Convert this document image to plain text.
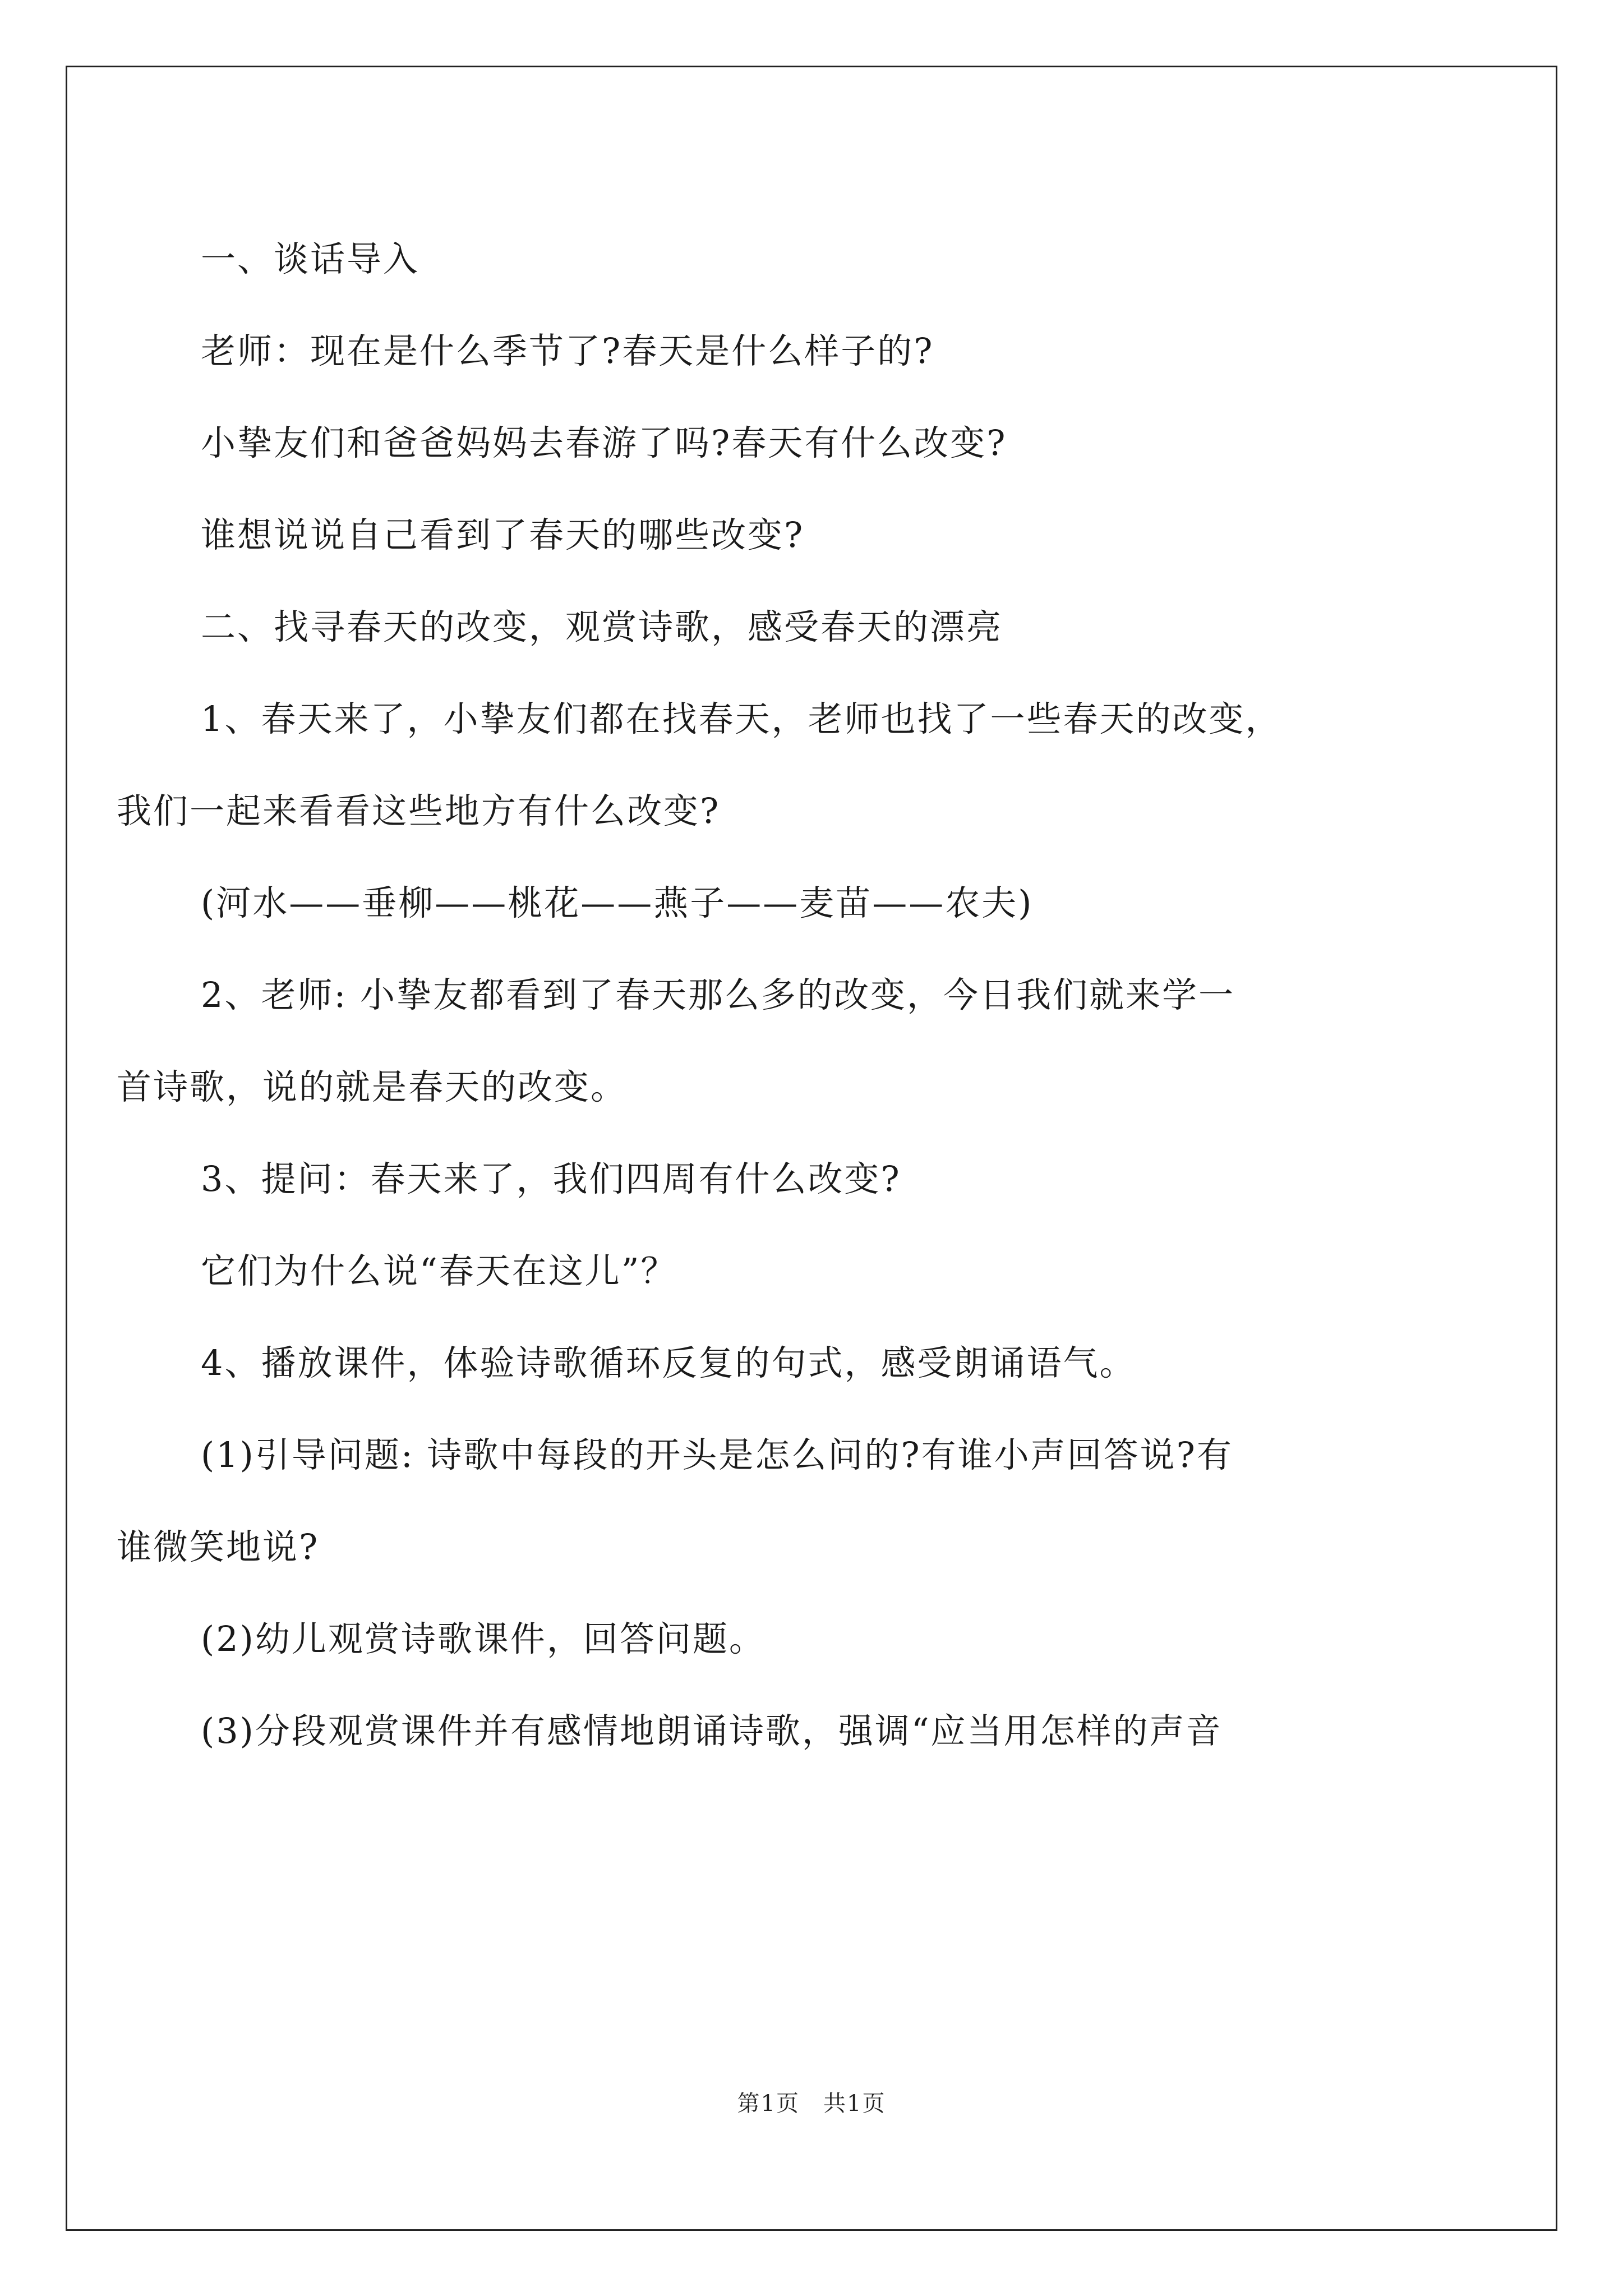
一、谈话导入

老师：现在是什么季节了?春天是什么样子的?

小挚友们和爸爸妈妈去春游了吗?春天有什么改变?

谁想说说自己看到了春天的哪些改变?

二、找寻春天的改变，观赏诗歌，感受春天的漂亮

1、春天来了，小挚友们都在找春天，老师也找了一些春天的改变，

我们一起来看看这些地方有什么改变?

(河水——垂柳——桃花——燕子——麦苗——农夫)

2、老师: 小挚友都看到了春天那么多的改变，今日我们就来学一

首诗歌，说的就是春天的改变。

3、提问：春天来了，我们四周有什么改变?

它们为什么说“春天在这儿”？

4、播放课件，体验诗歌循环反复的句式，感受朗诵语气。

(1)引导问题: 诗歌中每段的开头是怎么问的?有谁小声回答说?有

谁微笑地说?

(2)幼儿观赏诗歌课件，回答问题。

(3)分段观赏课件并有感情地朗诵诗歌，强调“应当用怎样的声音

第1页　共1页
